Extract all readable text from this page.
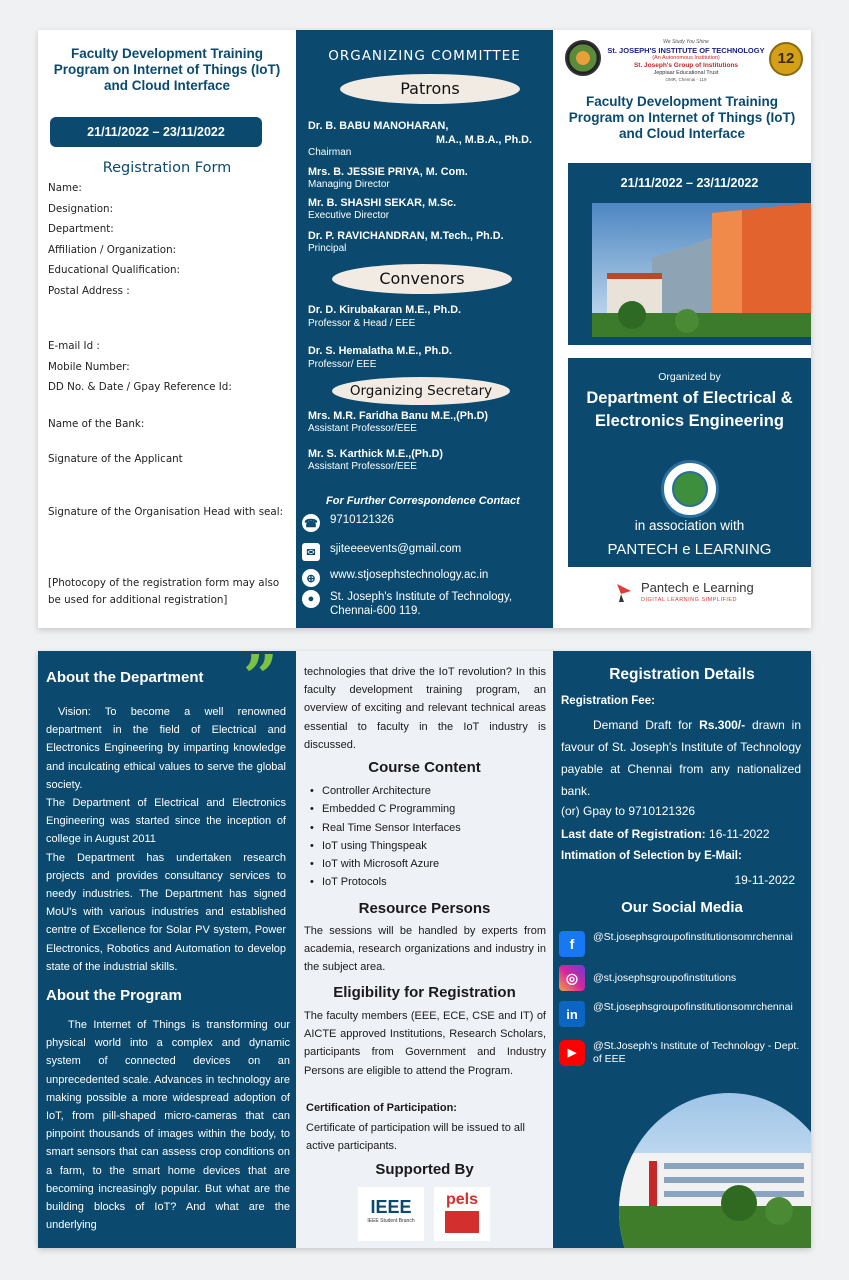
Faculty Development Training Program on Internet of Things (IoT) and Cloud Interface
21/11/2022 – 23/11/2022
Registration Form
Name:
Designation:
Department:
Affiliation / Organization:
Educational Qualification:
Postal Address :
E-mail Id :
Mobile Number:
DD No. & Date / Gpay Reference Id:
Name of the Bank:
Signature of the Applicant
Signature of the Organisation Head with seal:
[Photocopy of the registration form may also be used for additional registration]
ORGANIZING COMMITTEE
Patrons
Dr. B. BABU MANOHARAN,
M.A., M.B.A., Ph.D.
Chairman
Mrs. B. JESSIE PRIYA, M. Com.
Managing Director
Mr. B. SHASHI SEKAR, M.Sc.
Executive Director
Dr. P. RAVICHANDRAN, M.Tech., Ph.D.
Principal
Convenors
Dr. D. Kirubakaran M.E., Ph.D.
Professor & Head / EEE
Dr. S. Hemalatha M.E., Ph.D.
Professor/ EEE
Organizing Secretary
Mrs. M.R. Faridha Banu M.E.,(Ph.D)
Assistant Professor/EEE
Mr. S. Karthick M.E.,(Ph.D)
Assistant Professor/EEE
For Further Correspondence Contact
☎ 9710121326
✉	sjiteeeevents@gmail.com
⊕	www.stjosephstechnology.ac.in
●	St. Joseph's Institute of Technology, Chennai-600 119.
We Study You Shine
St. JOSEPH'S INSTITUTE OF TECHNOLOGY
(An Autonomous Institution)
St. Joseph's Group of Institutions
Jeppiaar Educational Trust
OMR, Chennai - 119
12
Faculty Development Training Program on Internet of Things (IoT) and Cloud Interface
21/11/2022 – 23/11/2022
Organized by
Department of Electrical & Electronics Engineering
in association with
PANTECH e LEARNING
Pantech e Learning
DIGITAL LEARNING SIMPLIFIED
About the Department ”
Vision: To become a well renowned department in the field of Electrical and Electronics Engineering by imparting knowledge and inculcating ethical values to serve the global society.
The Department of Electrical and Electronics Engineering was started since the inception of college in August 2011
The Department has undertaken research projects and provides consultancy services to needy industries. The Department has signed MoU's with various industries and established centre of Excellence for Solar PV system, Power Electronics, Robotics and Automation to develop state of the industrial skills.
About the Program
The Internet of Things is transforming our physical world into a complex and dynamic system of connected devices on an unprecedented scale. Advances in technology are making possible a more widespread adoption of IoT, from pill-shaped micro-cameras that can pinpoint thousands of images within the body, to smart sensors that can assess crop conditions on a farm, to the smart home devices that are becoming increasingly popular. But what are the building blocks of IoT? And what are the underlying
technologies that drive the IoT revolution? In this faculty development training program, an overview of exciting and relevant technical areas essential to faculty in the IoT industry is discussed.
Course Content
• Controller Architecture
• Embedded C Programming
• Real Time Sensor Interfaces
• IoT using Thingspeak
• IoT with Microsoft Azure
• IoT Protocols
Resource Persons
The sessions will be handled by experts from academia, research organizations and industry in the subject area.
Eligibility for Registration
The faculty members (EEE, ECE, CSE and IT) of AICTE approved Institutions, Research Scholars, participants from Government and Industry Persons are eligible to attend the Program.
Certification of Participation:
Certificate of participation will be issued to all active participants.
Supported By
IEEE
IEEE Student Branch
pels
Registration Details
Registration Fee:
Demand Draft for Rs.300/- drawn in favour of St. Joseph's Institute of Technology payable at Chennai from any nationalized bank.
(or) Gpay to 9710121326
Last date of Registration: 16-11-2022
Intimation of Selection by E-Mail:
19-11-2022
Our Social Media
f	@St.josephsgroupofinstitutionsomrchennai
◎	@st.josephsgroupofinstitutions
in	@St.josephsgroupofinstitutionsomrchennai
▶
@St.Joseph's Institute of Technology - Dept. of EEE
